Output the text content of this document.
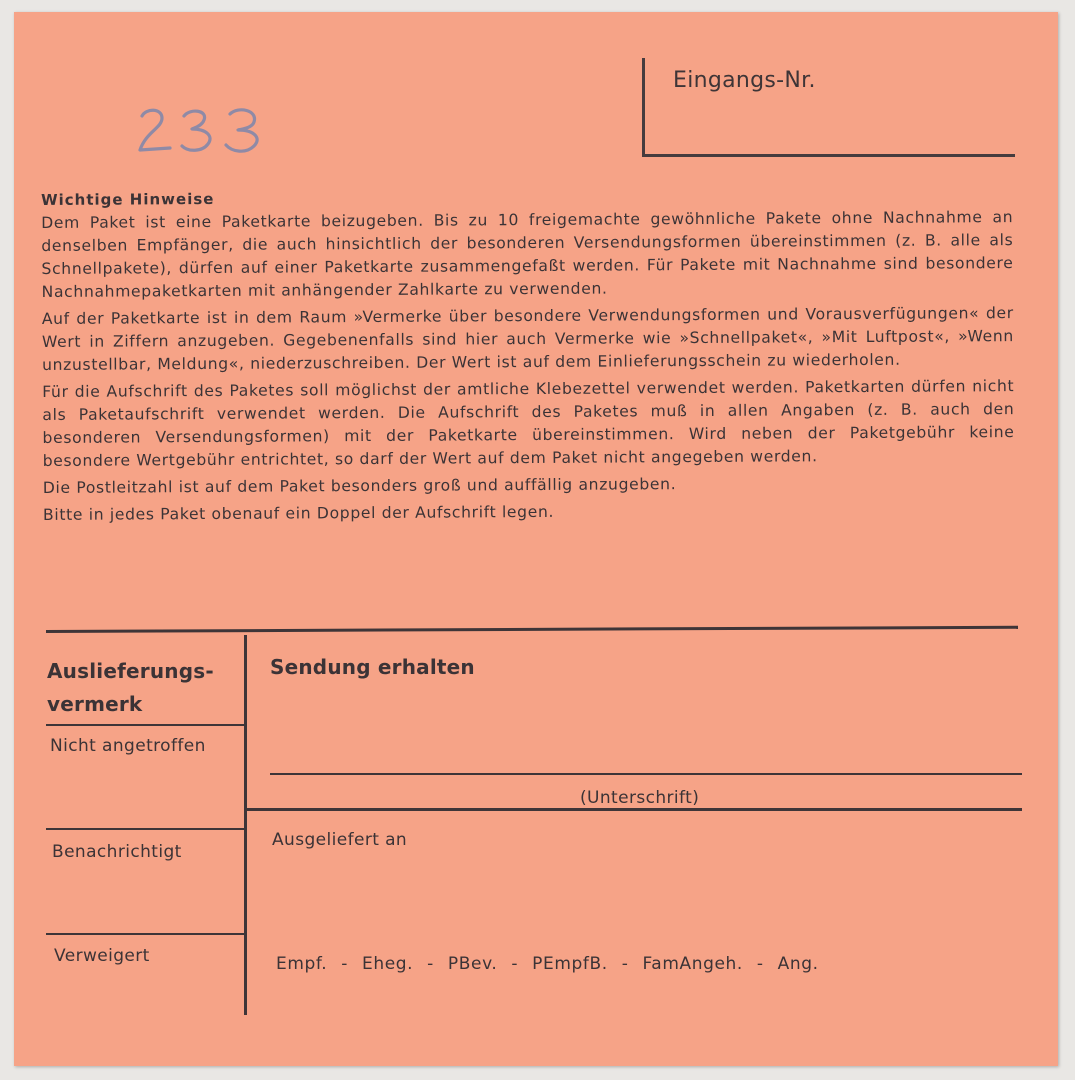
Eingangs-Nr.
Wichtige Hinweise

Dem Paket ist eine Paketkarte beizugeben. Bis zu 10 freigemachte gewöhnliche Pakete ohne Nachnahme an denselben Empfänger, die auch hinsichtlich der besonderen Versendungsformen übereinstimmen (z. B. alle als Schnellpakete), dürfen auf einer Paketkarte zusammengefaßt werden. Für Pakete mit Nachnahme sind besondere Nachnahmepaketkarten mit anhängender Zahlkarte zu verwenden.

Auf der Paketkarte ist in dem Raum »Vermerke über besondere Verwendungsformen und Vorausverfügungen« der Wert in Ziffern anzugeben. Gegebenenfalls sind hier auch Vermerke wie »Schnellpaket«, »Mit Luftpost«, »Wenn unzustellbar, Meldung«, niederzuschreiben. Der Wert ist auf dem Einlieferungsschein zu wiederholen.

Für die Aufschrift des Paketes soll möglichst der amtliche Klebezettel verwendet werden. Paketkarten dürfen nicht als Paketaufschrift verwendet werden. Die Aufschrift des Paketes muß in allen Angaben (z. B. auch den besonderen Versendungsformen) mit der Paketkarte übereinstimmen. Wird neben der Paketgebühr keine besondere Wertgebühr entrichtet, so darf der Wert auf dem Paket nicht angegeben werden.

Die Postleitzahl ist auf dem Paket besonders groß und auffällig anzugeben.

Bitte in jedes Paket obenauf ein Doppel der Aufschrift legen.

Auslieferungs-
vermerk
Nicht angetroffen
Benachrichtigt
Verweigert
Sendung erhalten
(Unterschrift)
Ausgeliefert an
Empf. - Eheg. - PBev. - PEmpfB. - FamAngeh. - Ang.
